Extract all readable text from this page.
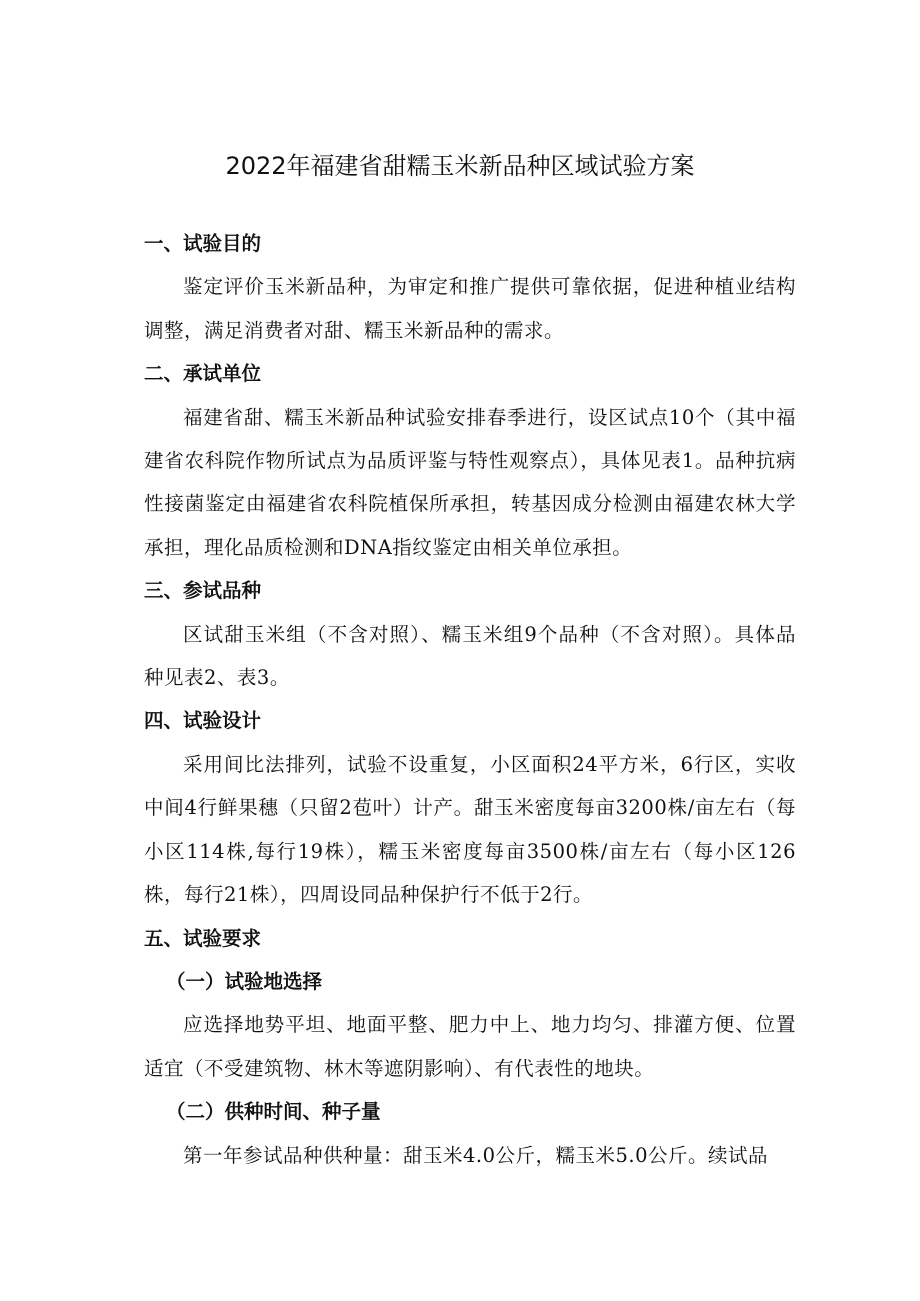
2022年福建省甜糯玉米新品种区域试验方案
一、试验目的

鉴定评价玉米新品种，为审定和推广提供可靠依据，促进种植业结构调整，满足消费者对甜、糯玉米新品种的需求。

二、承试单位

福建省甜、糯玉米新品种试验安排春季进行，设区试点10个（其中福建省农科院作物所试点为品质评鉴与特性观察点），具体见表1。品种抗病性接菌鉴定由福建省农科院植保所承担，转基因成分检测由福建农林大学承担，理化品质检测和DNA指纹鉴定由相关单位承担。

三、参试品种

区试甜玉米组（不含对照）、糯玉米组9个品种（不含对照）。具体品种见表2、表3。

四、试验设计

采用间比法排列，试验不设重复，小区面积24平方米，6行区，实收中间4行鲜果穗（只留2苞叶）计产。甜玉米密度每亩3200株/亩左右（每小区114株,每行19株），糯玉米密度每亩3500株/亩左右（每小区126株，每行21株），四周设同品种保护行不低于2行。

五、试验要求
（一）试验地选择

应选择地势平坦、地面平整、肥力中上、地力均匀、排灌方便、位置适宜（不受建筑物、林木等遮阴影响）、有代表性的地块。

（二）供种时间、种子量

第一年参试品种供种量：甜玉米4.0公斤，糯玉米5.0公斤。续试品
